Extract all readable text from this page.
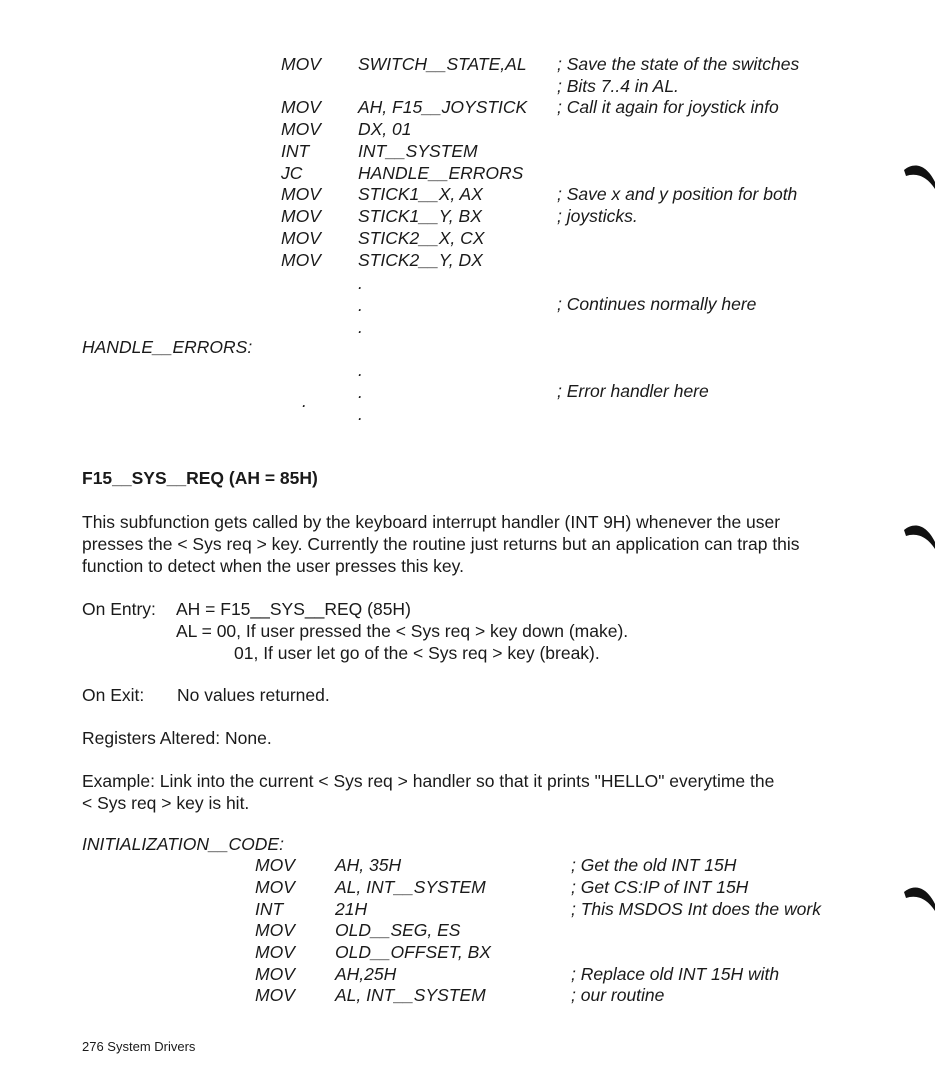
MOV SWITCH__STATE,AL ; Save the state of the switches
; Bits 7..4 in AL.
MOV AH, F15__JOYSTICK ; Call it again for joystick info
MOV DX, 01
INT	INT__SYSTEM
JC	HANDLE__ERRORS
MOV STICK1__X, AX	; Save x and y position for both
MOV STICK1__Y, BX	; joysticks.
MOV STICK2__X, CX
MOV STICK2__Y, DX
.
.	; Continues normally here
.
HANDLE__ERRORS:
.
.	.	; Error handler here
.
F15__SYS__REQ (AH = 85H)
This subfunction gets called by the keyboard interrupt handler (INT 9H) whenever the user
presses the < Sys req > key. Currently the routine just returns but an application can trap this
function to detect when the user presses this key.
On Entry: AH = F15__SYS__REQ (85H)
AL = 00, If user pressed the < Sys req > key down (make).
01, If user let go of the < Sys req > key (break).
On Exit: No values returned.
Registers Altered: None.
Example: Link into the current < Sys req > handler so that it prints "HELLO" everytime the
< Sys req > key is hit.
INITIALIZATION__CODE:
MOV AH, 35H	; Get the old INT 15H
MOV AL, INT__SYSTEM	; Get CS:IP of INT 15H
INT	21H	; This MSDOS Int does the work
MOV OLD__SEG, ES
MOV OLD__OFFSET, BX
MOV AH,25H	; Replace old INT 15H with
MOV AL, INT__SYSTEM	; our routine
276 System Drivers
